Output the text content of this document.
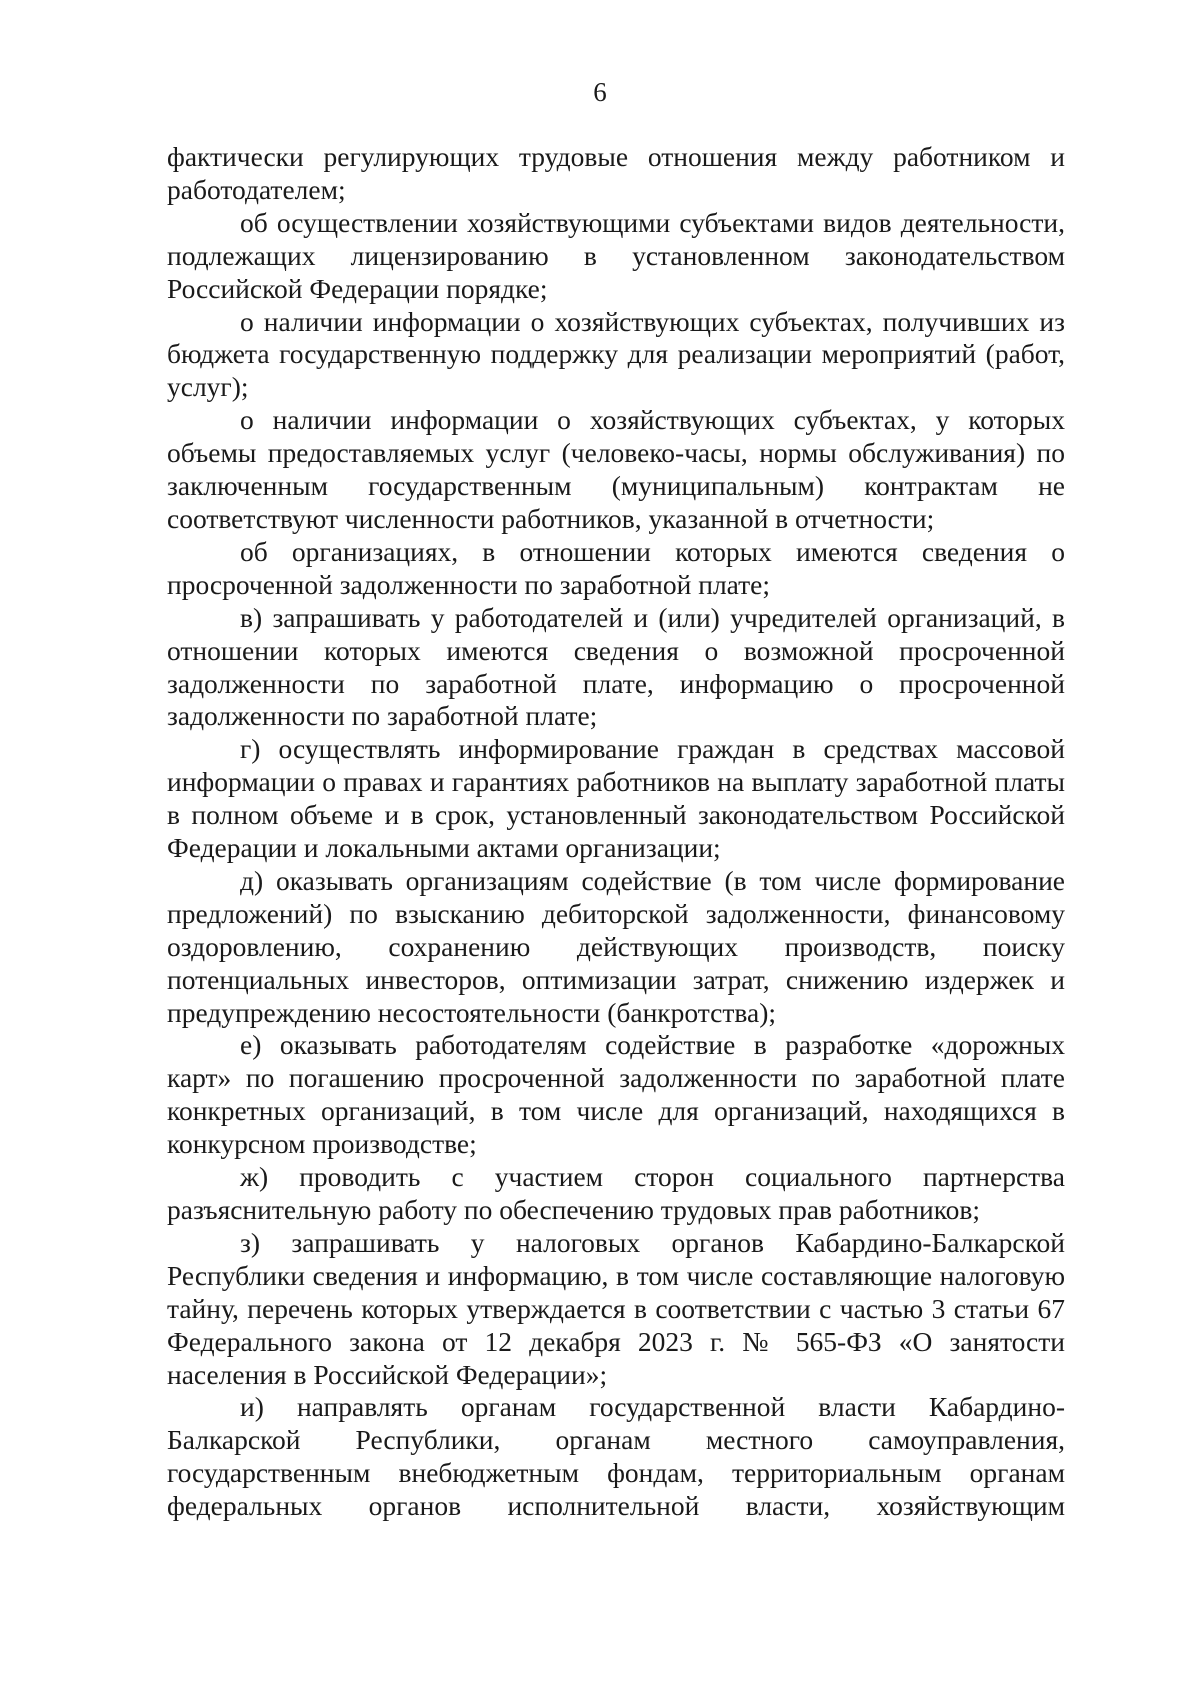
6

фактически регулирующих трудовые отношения между работником и работодателем;

об осуществлении хозяйствующими субъектами видов деятельности, подлежащих лицензированию в установленном законодательством Российской Федерации порядке;

о наличии информации о хозяйствующих субъектах, получивших из бюджета государственную поддержку для реализации мероприятий (работ, услуг);

о наличии информации о хозяйствующих субъектах, у которых объемы предоставляемых услуг (человеко-часы, нормы обслуживания) по заключенным государственным (муниципальным) контрактам не соответствуют численности работников, указанной в отчетности;

об организациях, в отношении которых имеются сведения о просроченной задолженности по заработной плате;

в) запрашивать у работодателей и (или) учредителей организаций, в отношении которых имеются сведения о возможной просроченной задолженности по заработной плате, информацию о просроченной задолженности по заработной плате;

г) осуществлять информирование граждан в средствах массовой информации о правах и гарантиях работников на выплату заработной платы в полном объеме и в срок, установленный законодательством Российской Федерации и локальными актами организации;

д) оказывать организациям содействие (в том числе формирование предложений) по взысканию дебиторской задолженности, финансовому оздоровлению, сохранению действующих производств, поиску потенциальных инвесторов, оптимизации затрат, снижению издержек и предупреждению несостоятельности (банкротства);

е) оказывать работодателям содействие в разработке «дорожных карт» по погашению просроченной задолженности по заработной плате конкретных организаций, в том числе для организаций, находящихся в конкурсном производстве;

ж) проводить с участием сторон социального партнерства разъяснительную работу по обеспечению трудовых прав работников;

з) запрашивать у налоговых органов Кабардино-Балкарской Республики сведения и информацию, в том числе составляющие налоговую тайну, перечень которых утверждается в соответствии с частью 3 статьи 67 Федерального закона от 12 декабря 2023 г. № 565-ФЗ «О занятости населения в Российской Федерации»;

и) направлять органам государственной власти Кабардино-Балкарской Республики, органам местного самоуправления, государственным внебюджетным фондам, территориальным органам федеральных органов исполнительной власти, хозяйствующим
